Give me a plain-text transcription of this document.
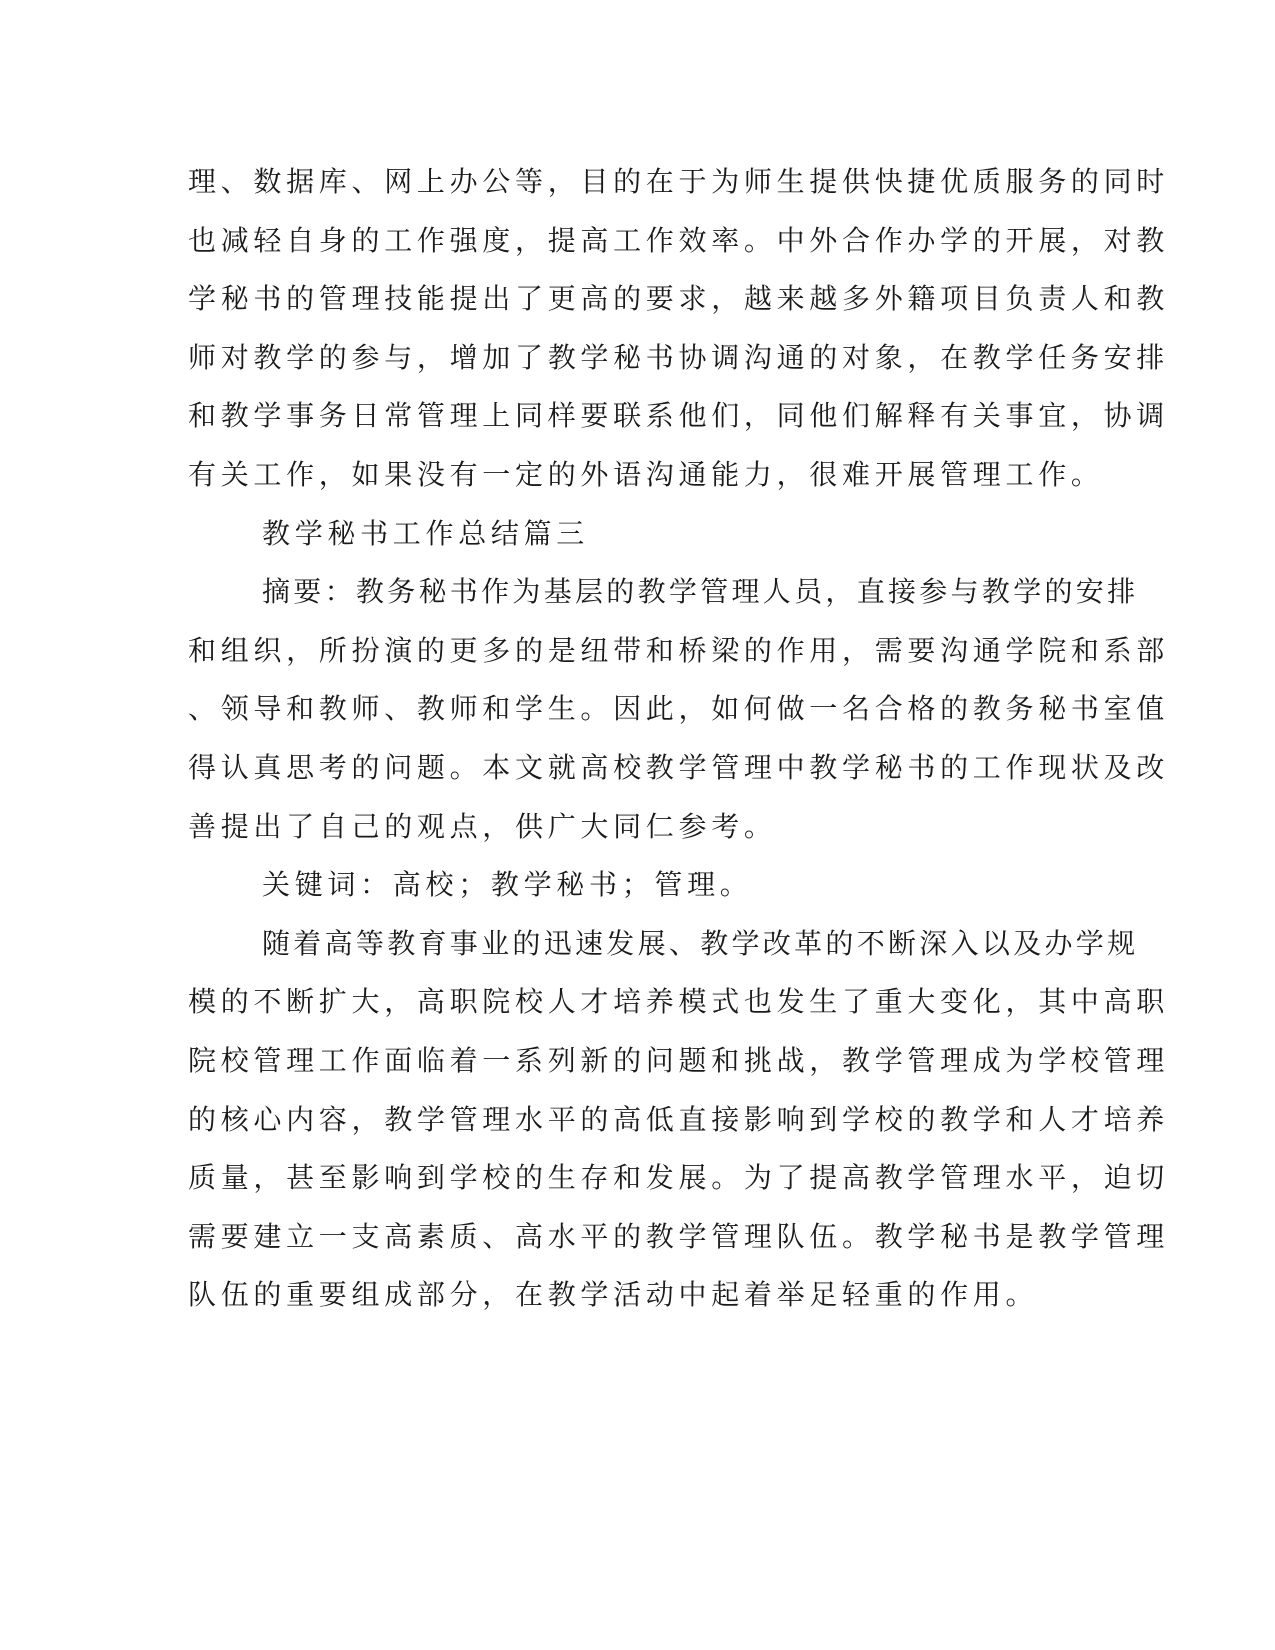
理、数据库、网上办公等，目的在于为师生提供快捷优质服务的同时
也减轻自身的工作强度，提高工作效率。中外合作办学的开展，对教
学秘书的管理技能提出了更高的要求，越来越多外籍项目负责人和教
师对教学的参与，增加了教学秘书协调沟通的对象，在教学任务安排
和教学事务日常管理上同样要联系他们，同他们解释有关事宜，协调
有关工作，如果没有一定的外语沟通能力，很难开展管理工作。
教学秘书工作总结篇三
摘要：教务秘书作为基层的教学管理人员，直接参与教学的安排
和组织，所扮演的更多的是纽带和桥梁的作用，需要沟通学院和系部
、领导和教师、教师和学生。因此，如何做一名合格的教务秘书室值
得认真思考的问题。本文就高校教学管理中教学秘书的工作现状及改
善提出了自己的观点，供广大同仁参考。
关键词：高校；教学秘书；管理。
随着高等教育事业的迅速发展、教学改革的不断深入以及办学规
模的不断扩大，高职院校人才培养模式也发生了重大变化，其中高职
院校管理工作面临着一系列新的问题和挑战，教学管理成为学校管理
的核心内容，教学管理水平的高低直接影响到学校的教学和人才培养
质量，甚至影响到学校的生存和发展。为了提高教学管理水平，迫切
需要建立一支高素质、高水平的教学管理队伍。教学秘书是教学管理
队伍的重要组成部分，在教学活动中起着举足轻重的作用。
